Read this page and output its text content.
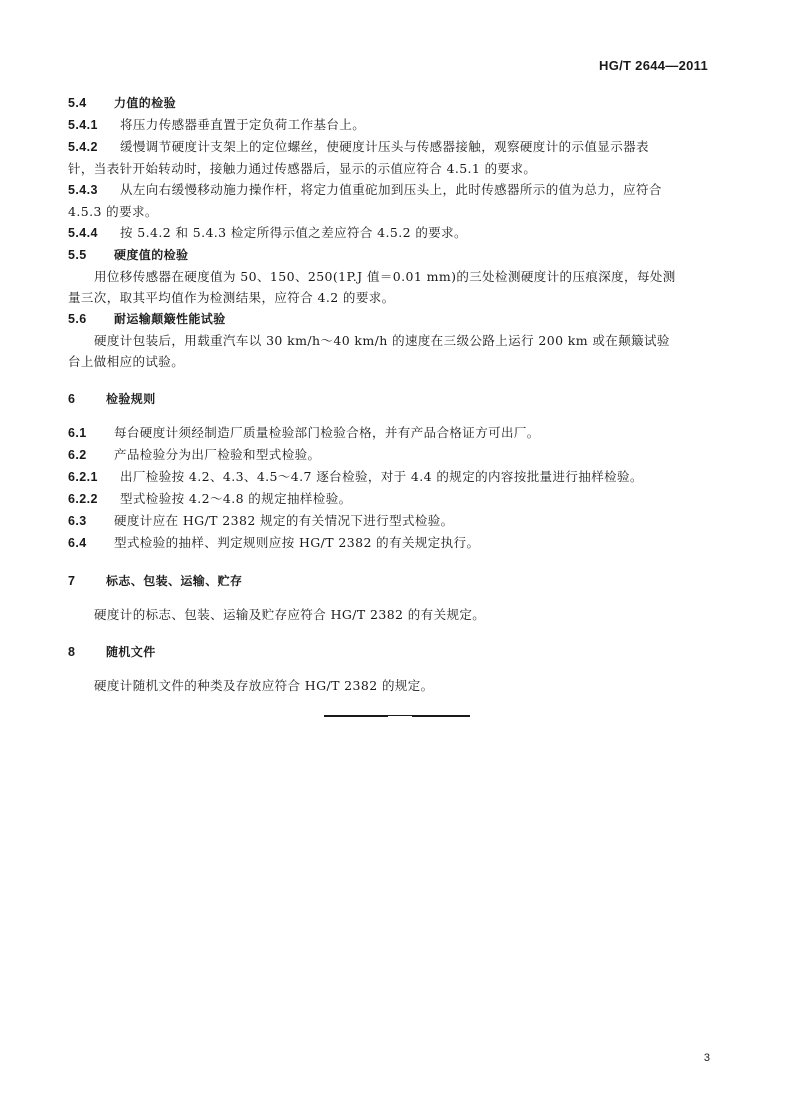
HG/T 2644—2011
5.4 力值的检验
5.4.1 将压力传感器垂直置于定负荷工作基台上。
5.4.2 缓慢调节硬度计支架上的定位螺丝，使硬度计压头与传感器接触，观察硬度计的示值显示器表
针，当表针开始转动时，接触力通过传感器后，显示的示值应符合 4.5.1 的要求。
5.4.3 从左向右缓慢移动施力操作杆，将定力值重砣加到压头上，此时传感器所示的值为总力，应符合
4.5.3 的要求。
5.4.4 按 5.4.2 和 5.4.3 检定所得示值之差应符合 4.5.2 的要求。
5.5 硬度值的检验
用位移传感器在硬度值为 50、150、250(1P.J 值＝0.01 mm)的三处检测硬度计的压痕深度，每处测
量三次，取其平均值作为检测结果，应符合 4.2 的要求。
5.6 耐运输颠簸性能试验
硬度计包装后，用载重汽车以 30 km/h～40 km/h 的速度在三级公路上运行 200 km 或在颠簸试验
台上做相应的试验。
6	检验规则
6.1 每台硬度计须经制造厂质量检验部门检验合格，并有产品合格证方可出厂。
6.2 产品检验分为出厂检验和型式检验。
6.2.1 出厂检验按 4.2、4.3、4.5～4.7 逐台检验，对于 4.4 的规定的内容按批量进行抽样检验。
6.2.2 型式检验按 4.2～4.8 的规定抽样检验。
6.3 硬度计应在 HG/T 2382 规定的有关情况下进行型式检验。
6.4 型式检验的抽样、判定规则应按 HG/T 2382 的有关规定执行。
7	标志、包装、运输、贮存
硬度计的标志、包装、运输及贮存应符合 HG/T 2382 的有关规定。
8	随机文件
硬度计随机文件的种类及存放应符合 HG/T 2382 的规定。
3
